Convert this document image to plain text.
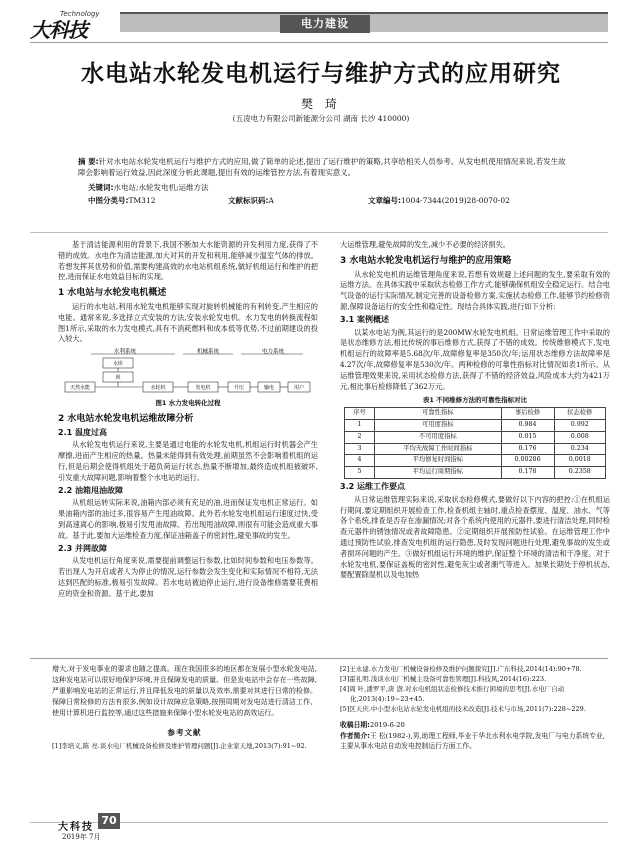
大科技
Technology
电力建设
水电站水轮发电机运行与维护方式的应用研究
樊 琦
(五凌电力有限公司新能源分公司 湖南 长沙 410000)
摘 要:针对水电站水轮发电机运行与维护方式的应用,做了简单的论述,提出了运行维护的策略,共享给相关人员参考。从发电机使用情况来说,若发生故障会影响着运行效益,因此深度分析此课题,提出有效的运维管控方法,有着现实意义。
关键词:水电站;水轮发电机;运维方法
中图分类号:TM312	文献标识码:A	文章编号:1004-7344(2019)28-0070-02

基于清洁能源利用的背景下,我国不断加大水能资源的开发利用力度,获得了不错的成效。水电作为清洁能源,加大对其的开发和利用,能够减少温室气体的排放。若想发挥其优势和价值,需要构建高效的水电站机组系统,做好机组运行和维护的把控,进而保证水电效益目标的实现。

1 水电站与水轮发电机概述

运行的水电站,利用水轮发电机能够实现对旋转机械能的有利转变,产生相应的电能。通常来说,多选择立式安装的方法,安装水轮发电机。水力发电的转换流程如图1所示,采取的水力发电模式,具有不消耗燃料和成本低等优势,不过前期建设的投入较大。

水利系统	机械系统	电力系统
水库
坝
天然水能	水轮机	发电机	升压	输电	用户
图1 水力发电转化过程
2 水电站水轮发电机运维故障分析
2.1 温度过高

从水轮发电机运行来说,主要是通过电能的水轮发电机,机组运行时机器会产生摩擦,进而产生相应的热量。热量未能得到有效处理,前期虽然不会影响着机组的运行,但是后期会使得机组处于超负荷运行状态,热量不断增加,最终造成机组被破坏,引发重大故障问题,影响着整个水电站的运行。

2.2 油箱甩油故障

从机组运转实际来说,油箱内部必须有充足的油,进而保证发电机正常运行。如果油箱内部的油过多,很容易产生甩油故障。此外若水轮发电机组运行速度过快,受到高速离心的影响,极易引发甩油故障。若出现甩油故障,则很有可能会造成重大事故。基于此,要加大运维检查力度,保证油箱盖子的密封性,避免事故的发生。

2.3 并网故障

从发电机运行角度来说,需要提前调整运行参数,比如时间参数和电压参数等。若出现人为开启或者人为停止的情况,运行参数会发生变化和实际情况不相符,无法达到匹配的标准,极易引发故障。若水电站被迫停止运行,进行设备维修需要花费相应的资金和资源。基于此,要加

大运维管理,避免故障的发生,减少不必要的经济损失。

3 水电站水轮发电机运行与维护的应用策略

从水轮发电机的运维管理角度来说,若想有效规避上述问题的发生,要采取有效的运维方法。在具体实践中采取状态检修工作方式,能够确保机组安全稳定运行。结合电气设备的运行实际情况,制定完善的设备检修方案,实施状态检修工作,能够节约检修资源,保障设备运行的安全性和稳定性。现结合具体实践,进行如下分析:

3.1 案例概述

以某水电站为例,其运行的是200MW水轮发电机组。日常运维管理工作中采取的是状态维修方法,相比传统的事后维修方式,获得了不错的成效。传统维修模式下,发电机组运行的故障率是5.68次/年,故障修复率是350次/年;运用状态维修方法故障率是4.27次/年,故障修复率是530次/年。两种检修的可靠性指标对比情况如表1所示。从运维管理效果来说,采用状态检修方法,获得了不错的经济效益,风险成本大约为421万元,相比事后检修降低了362万元。

表1 不同维修方法的可靠性指标对比
序号	可靠性指标	事后检修	状态检修
1	可用度指标	0.984	0.992
2	不可用度指标	0.015	0.008
3	平均无故障工作时间指标	0.176	0.234
4	平均修复时间指标	0.00286	0.0018
5	平均运行周期指标	0.178	0.2358
3.2 运维工作要点

从日常运维管理实际来说,采取状态检修模式,要做好以下内容的把控:①在机组运行期间,要定期组织开展检查工作,检查机组主轴时,重点检查摆度、温度、油水、气等各个系统,排查是否存在渗漏情况;对各个系统内使用的元器件,要进行清洁处理,同时检查元器件的锈蚀情况或者故障隐患。②定期组织开展预防性试验。在运维管理工作中通过预防性试验,排查发电机组的运行隐患,及时发现问题进行处理,避免事故的发生或者损坏问题的产生。③做好机组运行环境的维护,保证整个环境的清洁和干净度。对于水轮发电机,要保证盖板的密封性,避免灰尘或者潮气等进入。加果长期处于停机状态,要配置除湿机以及电加热

增大,对于发电事业的要求也随之提高。现在我国很多的地区都在发展小型水轮发电站,这种发电站可以很好地保护环境,并且保障发电的质量。但是发电站中会存在一些故障,严重影响发电站的正常运行,并且降低发电的质量以及效率,需要对其进行日常的检修。保障日常检修的方法有很多,例如设计故障应急策略,按照周期对发电站进行清洁工作、使用计算机进行监控等,通过这些措施来保障小型水轮发电站的高效运行。

参考文献
[1]李培义,陈 亮.谈水电厂机械设备检修及维护管理问题[J].企业家天地,2013(7):91~92.
[2]王永建.水力发电厂机械设备检修及维护问题探究[J].广东科技,2014(14):90+78.
[3]霍礼明.浅谈水电厂机械主设备可靠性管理[J].科技风,2014(16):223.
[4]周 叶,潘罗平,唐 澍.对水电机组状态检修技术推行困境的思考[J].水电厂自动化,2013(4):19~23+45.
[5]区天庆.中小型水电站水轮发电机组的技术改造[J].技术与市场,2011(7):228~229.
收稿日期:2019-6-20
作者简介:王 松(1982-),男,助理工程师,毕业于华北水利水电学院,发电厂与电力系统专业,主要从事水电站自动发电控制运行方面工作。
大科技
70
2019年 7月
